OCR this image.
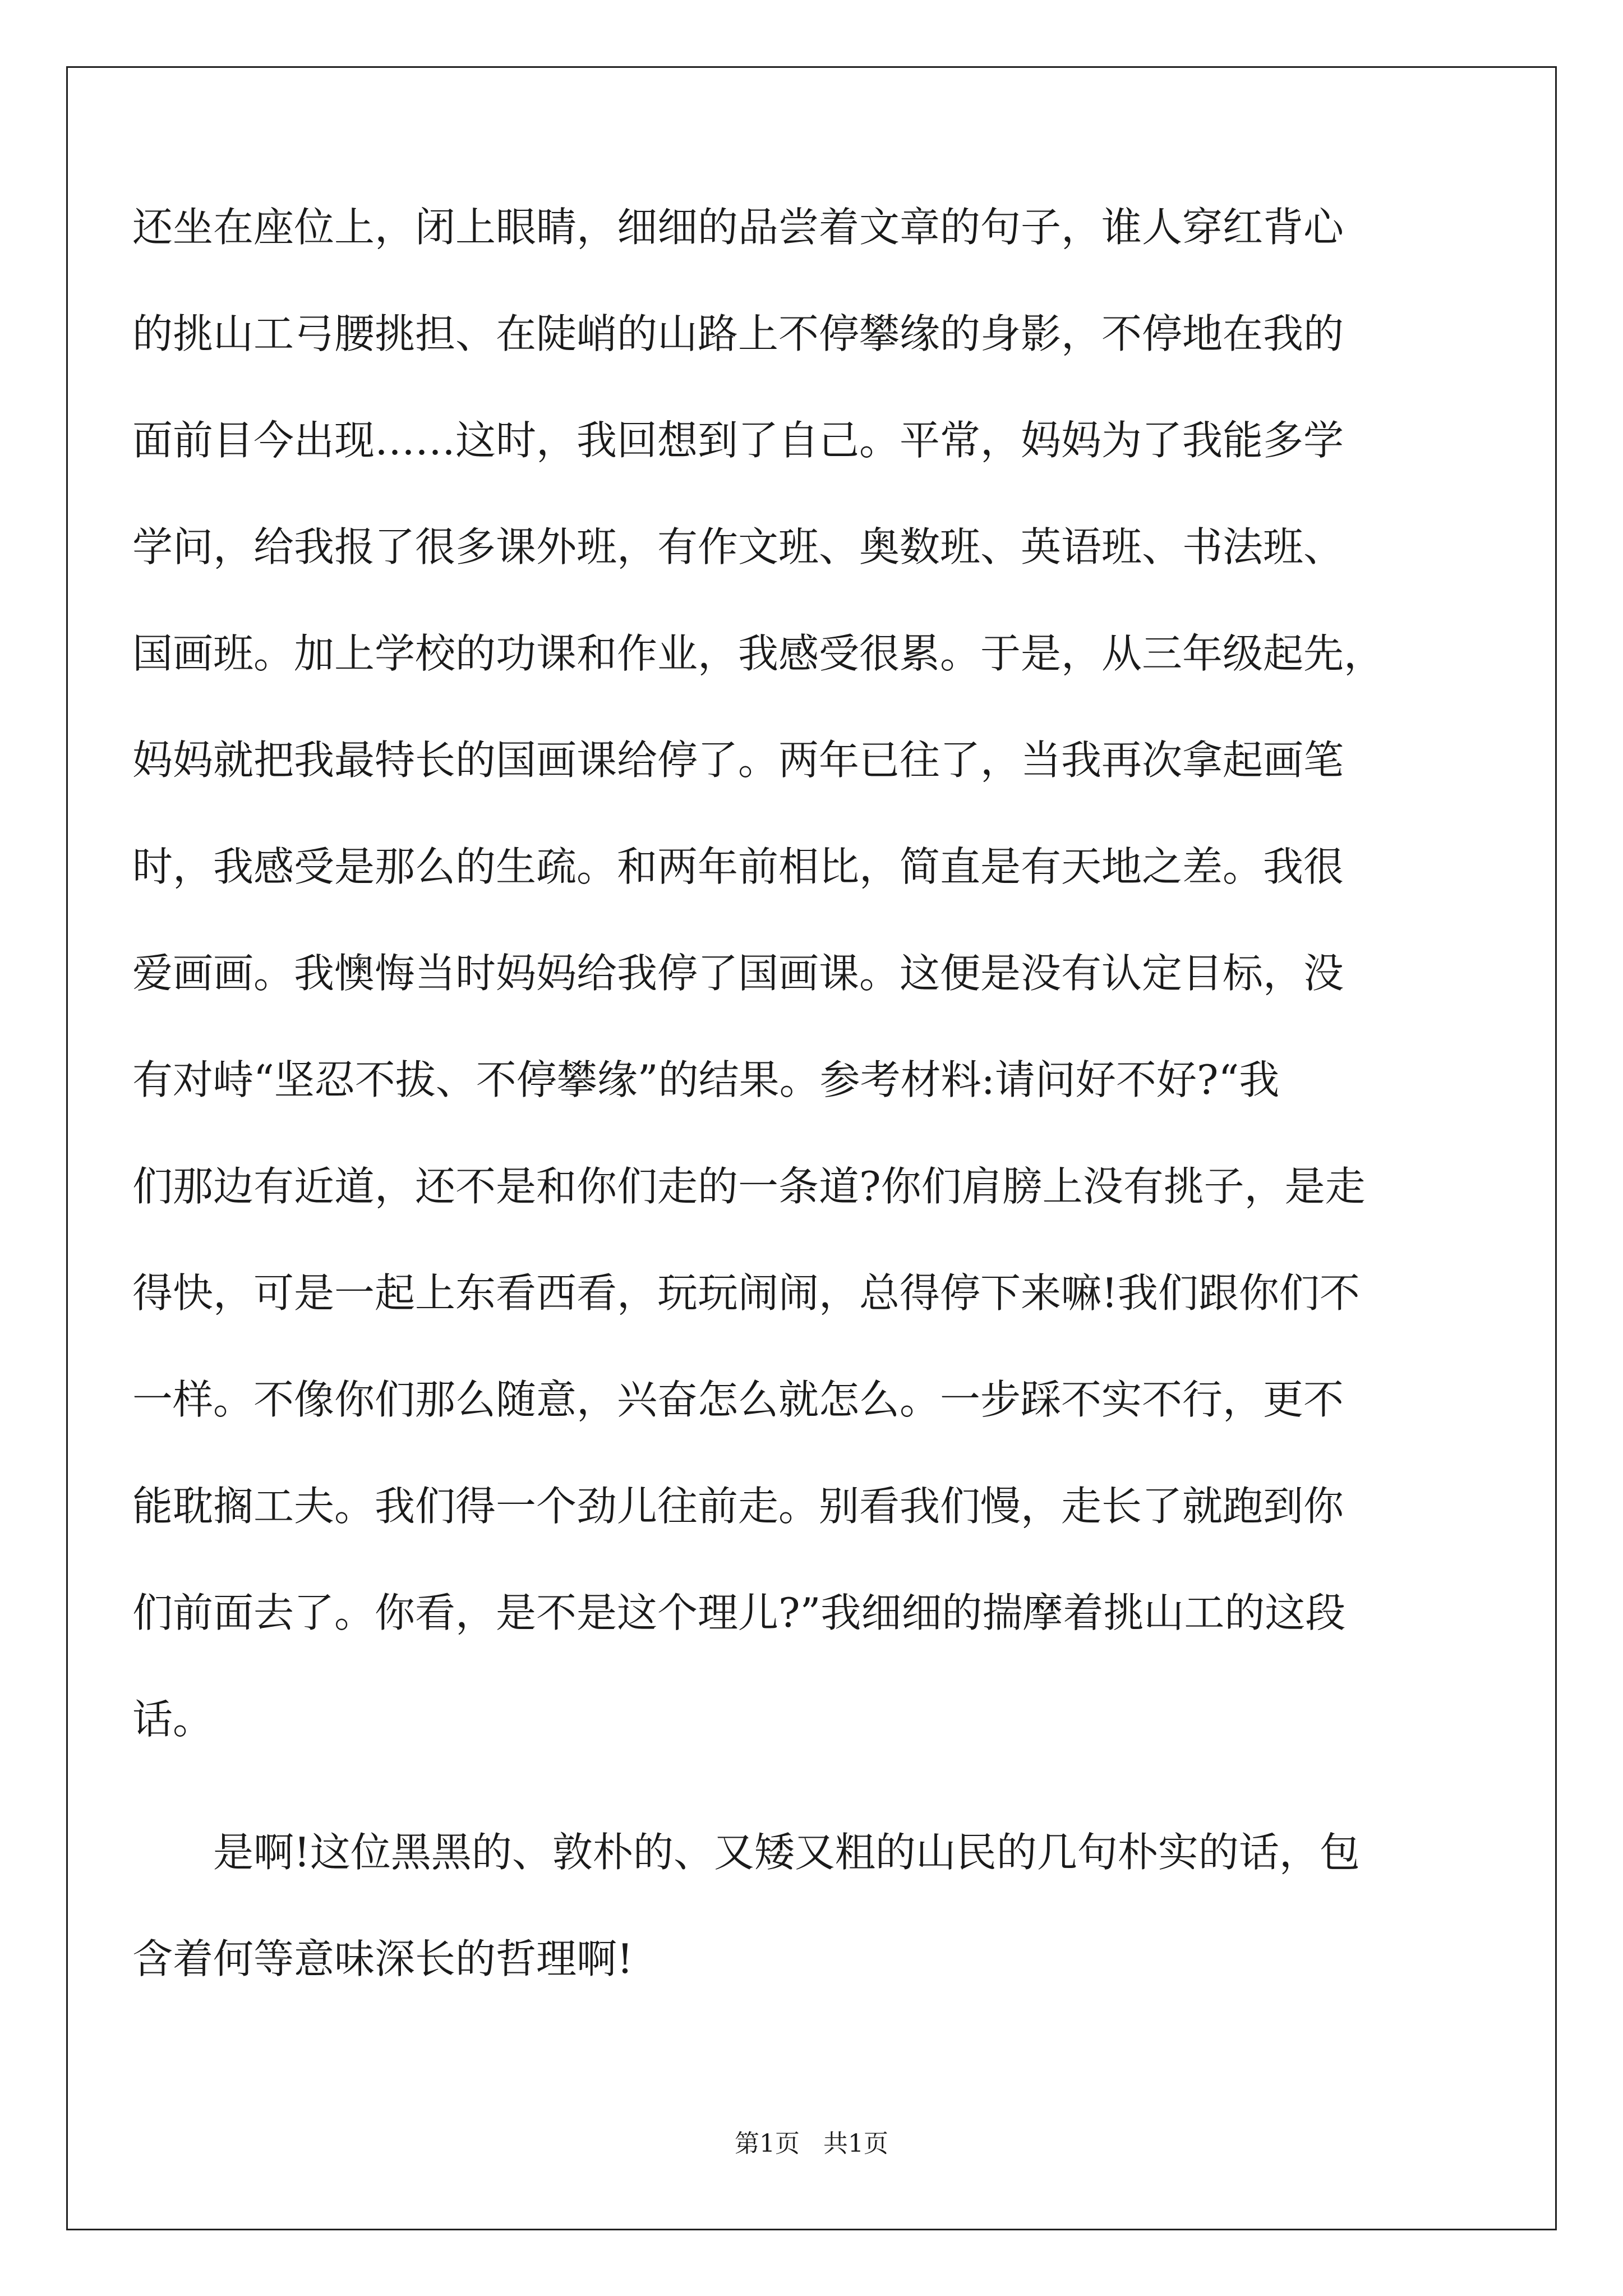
还坐在座位上，闭上眼睛，细细的品尝着文章的句子，谁人穿红背心
的挑山工弓腰挑担、在陡峭的山路上不停攀缘的身影，不停地在我的
面前目今出现……这时，我回想到了自己。平常，妈妈为了我能多学
学问，给我报了很多课外班，有作文班、奥数班、英语班、书法班、
国画班。加上学校的功课和作业，我感受很累。于是，从三年级起先，
妈妈就把我最特长的国画课给停了。两年已往了，当我再次拿起画笔
时，我感受是那么的生疏。和两年前相比，简直是有天地之差。我很
爱画画。我懊悔当时妈妈给我停了国画课。这便是没有认定目标，没
有对峙“坚忍不拔、不停攀缘”的结果。参考材料:请问好不好?“我
们那边有近道，还不是和你们走的一条道?你们肩膀上没有挑子，是走
得快，可是一起上东看西看，玩玩闹闹，总得停下来嘛!我们跟你们不
一样。不像你们那么随意，兴奋怎么就怎么。一步踩不实不行，更不
能耽搁工夫。我们得一个劲儿往前走。别看我们慢，走长了就跑到你
们前面去了。你看，是不是这个理儿?”我细细的揣摩着挑山工的这段
话。
是啊!这位黑黑的、敦朴的、又矮又粗的山民的几句朴实的话，包
含着何等意味深长的哲理啊!
第1页   共1页
